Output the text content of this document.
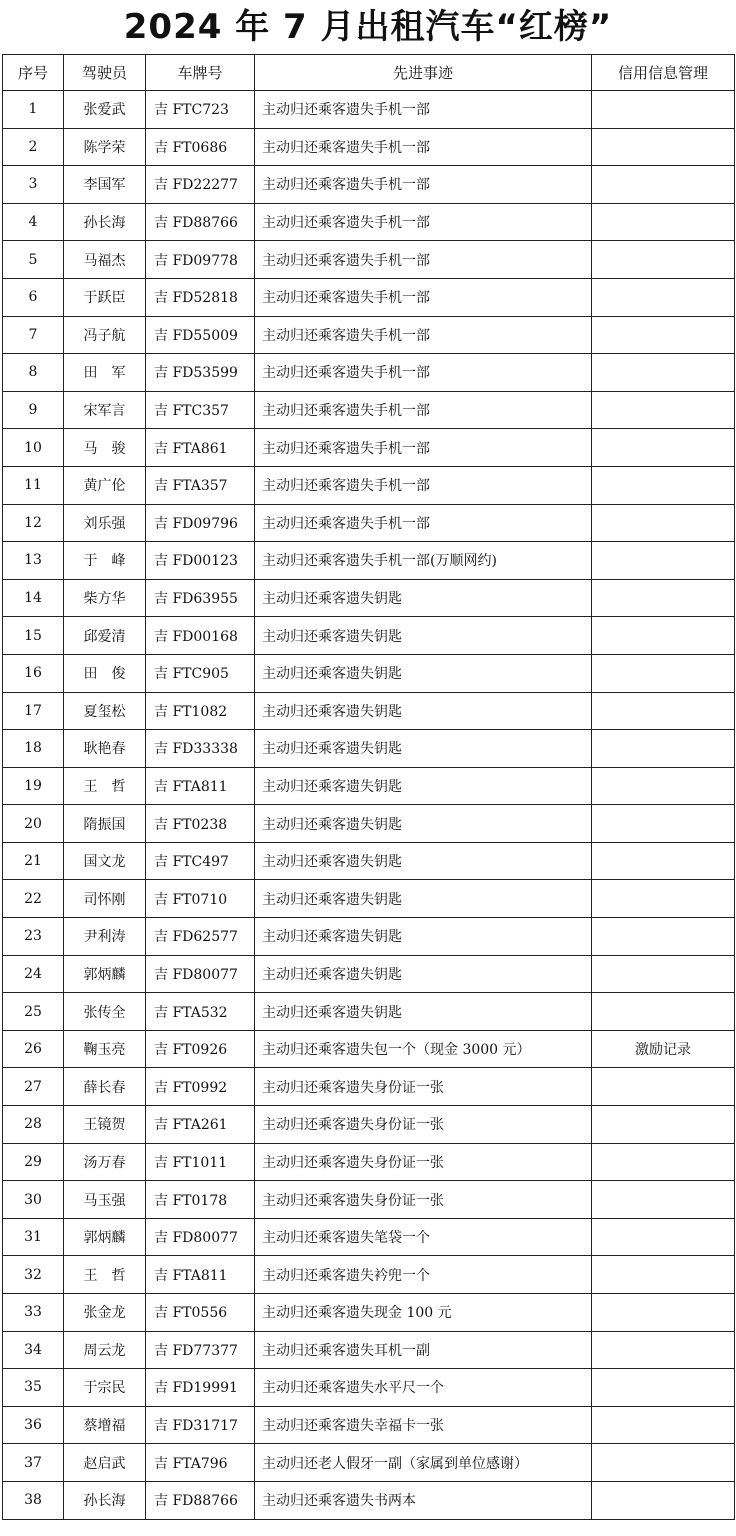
2024 年 7 月出租汽车“红榜”
序号	驾驶员	车牌号	先进事迹	信用信息管理
1	张爱武	吉 FTC723	主动归还乘客遗失手机一部	
2	陈学荣	吉 FT0686	主动归还乘客遗失手机一部	
3	李国军	吉 FD22277	主动归还乘客遗失手机一部	
4	孙长海	吉 FD88766	主动归还乘客遗失手机一部	
5	马福杰	吉 FD09778	主动归还乘客遗失手机一部	
6	于跃臣	吉 FD52818	主动归还乘客遗失手机一部	
7	冯子航	吉 FD55009	主动归还乘客遗失手机一部	
8	田　军	吉 FD53599	主动归还乘客遗失手机一部	
9	宋军言	吉 FTC357	主动归还乘客遗失手机一部	
10	马　骏	吉 FTA861	主动归还乘客遗失手机一部	
11	黄广伦	吉 FTA357	主动归还乘客遗失手机一部	
12	刘乐强	吉 FD09796	主动归还乘客遗失手机一部	
13	于　峰	吉 FD00123	主动归还乘客遗失手机一部(万顺网约)	
14	柴方华	吉 FD63955	主动归还乘客遗失钥匙	
15	邱爱清	吉 FD00168	主动归还乘客遗失钥匙	
16	田　俊	吉 FTC905	主动归还乘客遗失钥匙	
17	夏玺松	吉 FT1082	主动归还乘客遗失钥匙	
18	耿艳春	吉 FD33338	主动归还乘客遗失钥匙	
19	王　哲	吉 FTA811	主动归还乘客遗失钥匙	
20	隋振国	吉 FT0238	主动归还乘客遗失钥匙	
21	国文龙	吉 FTC497	主动归还乘客遗失钥匙	
22	司怀刚	吉 FT0710	主动归还乘客遗失钥匙	
23	尹利涛	吉 FD62577	主动归还乘客遗失钥匙	
24	郭炳麟	吉 FD80077	主动归还乘客遗失钥匙	
25	张传全	吉 FTA532	主动归还乘客遗失钥匙	
26	鞠玉亮	吉 FT0926	主动归还乘客遗失包一个（现金 3000 元）	激励记录
27	薛长春	吉 FT0992	主动归还乘客遗失身份证一张	
28	王镜贺	吉 FTA261	主动归还乘客遗失身份证一张	
29	汤万春	吉 FT1011	主动归还乘客遗失身份证一张	
30	马玉强	吉 FT0178	主动归还乘客遗失身份证一张	
31	郭炳麟	吉 FD80077	主动归还乘客遗失笔袋一个	
32	王　哲	吉 FTA811	主动归还乘客遗失衿兜一个	
33	张金龙	吉 FT0556	主动归还乘客遗失现金 100 元	
34	周云龙	吉 FD77377	主动归还乘客遗失耳机一副	
35	于宗民	吉 FD19991	主动归还乘客遗失水平尺一个	
36	蔡增福	吉 FD31717	主动归还乘客遗失幸福卡一张	
37	赵启武	吉 FTA796	主动归还老人假牙一副（家属到单位感谢）	
38	孙长海	吉 FD88766	主动归还乘客遗失书两本	
